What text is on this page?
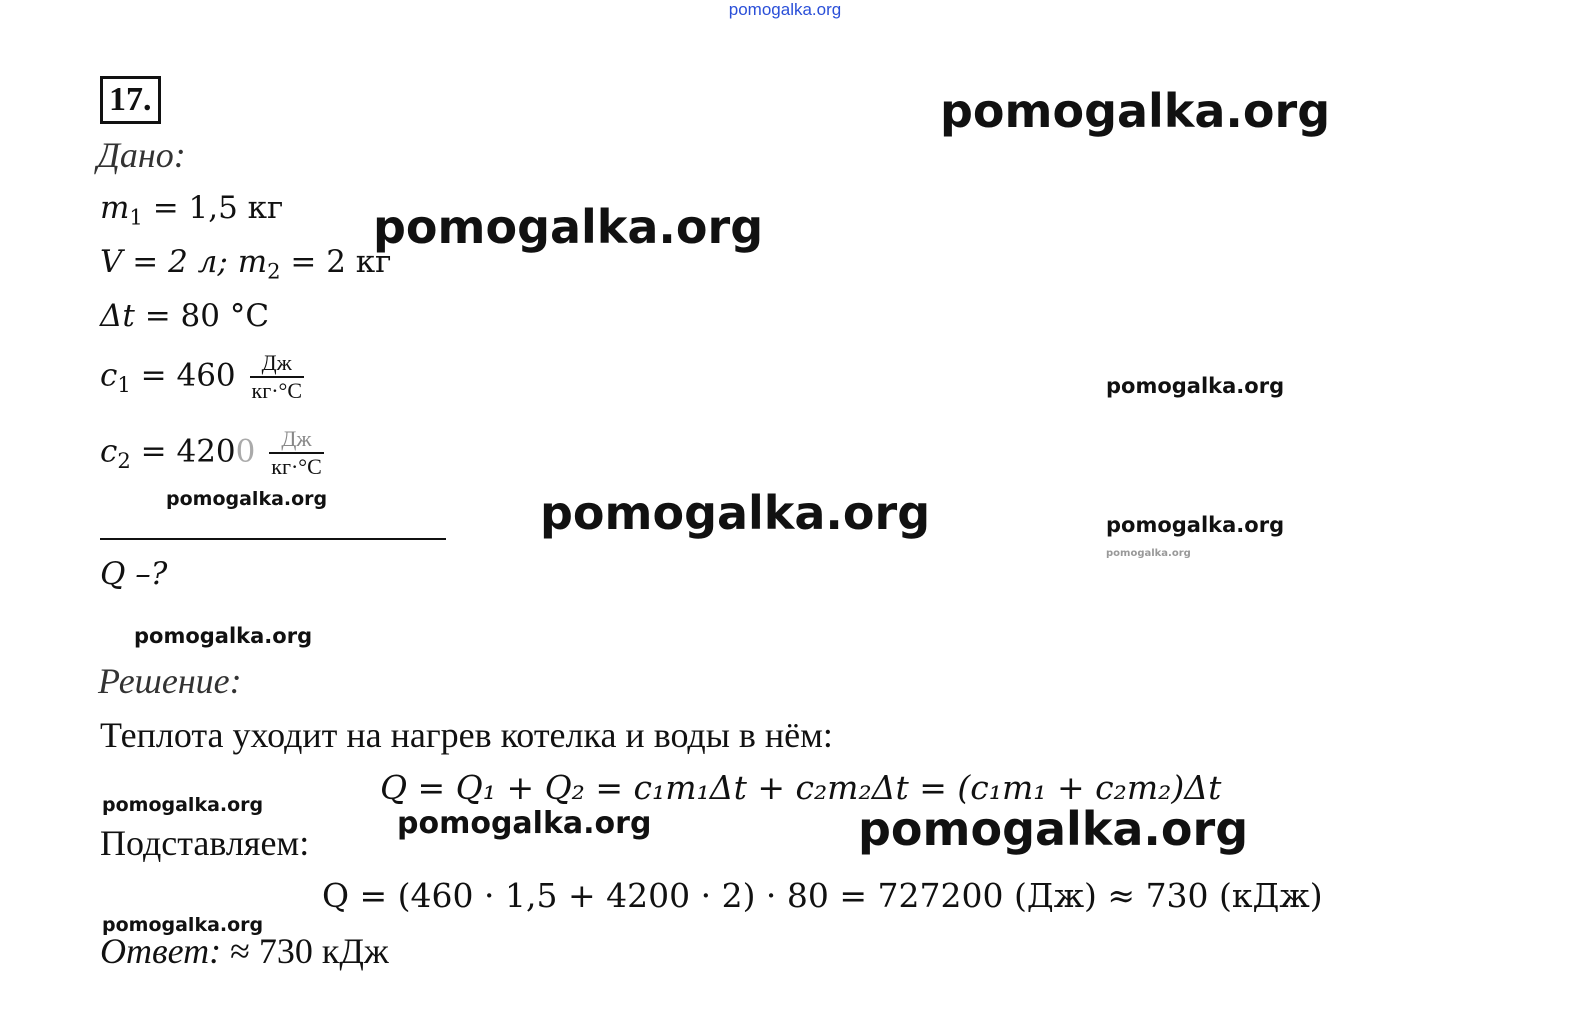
pomogalka.org
17.
Дано:
$m_1 = 1,5$ кг
V = 2 л; $m_2 = 2$ кг
Δt = 80 °C
$c_1 = 460 \frac{Дж}{кг\cdot^\circ C}$
$c_2 = 4200 \frac{Дж}{кг\cdot^\circ C}$
Q –?
Решение:
Теплота уходит на нагрев котелка и воды в нём:
Q = Q₁ + Q₂ = c₁m₁Δt + c₂m₂Δt = (c₁m₁ + c₂m₂)Δt
Подставляем:
Q = (460 · 1,5 + 4200 · 2) · 80 = 727200 (Дж) ≈ 730 (кДж)
Ответ: ≈ 730 кДж
pomogalka.org
pomogalka.org
pomogalka.org
pomogalka.org	pomogalka.org	pomogalka.org
pomogalka.org
pomogalka.org
pomogalka.org	pomogalka.org
pomogalka.org
pomogalka.org
